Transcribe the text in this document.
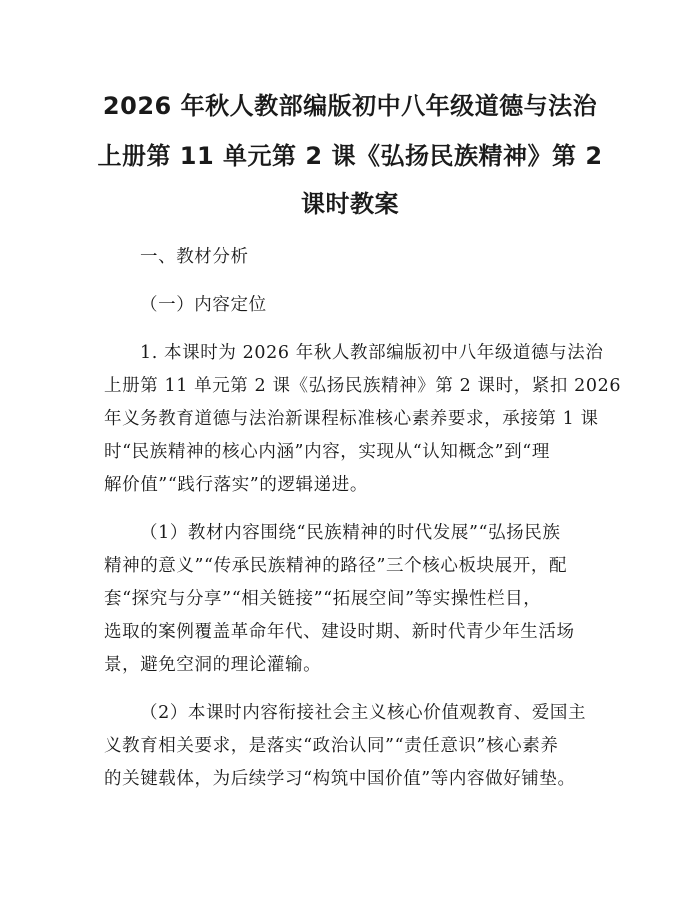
2026 年秋人教部编版初中八年级道德与法治
上册第 11 单元第 2 课《弘扬民族精神》第 2
课时教案
一、教材分析
（一）内容定位
1. 本课时为 2026 年秋人教部编版初中八年级道德与法治
上册第 11 单元第 2 课《弘扬民族精神》第 2 课时，紧扣 2026
年义务教育道德与法治新课程标准核心素养要求，承接第 1 课
时“民族精神的核心内涵”内容，实现从“认知概念”到“理
解价值”“践行落实”的逻辑递进。
（1）教材内容围绕“民族精神的时代发展”“弘扬民族
精神的意义”“传承民族精神的路径”三个核心板块展开，配
套“探究与分享”“相关链接”“拓展空间”等实操性栏目，
选取的案例覆盖革命年代、建设时期、新时代青少年生活场
景，避免空洞的理论灌输。
（2）本课时内容衔接社会主义核心价值观教育、爱国主
义教育相关要求，是落实“政治认同”“责任意识”核心素养
的关键载体，为后续学习“构筑中国价值”等内容做好铺垫。
